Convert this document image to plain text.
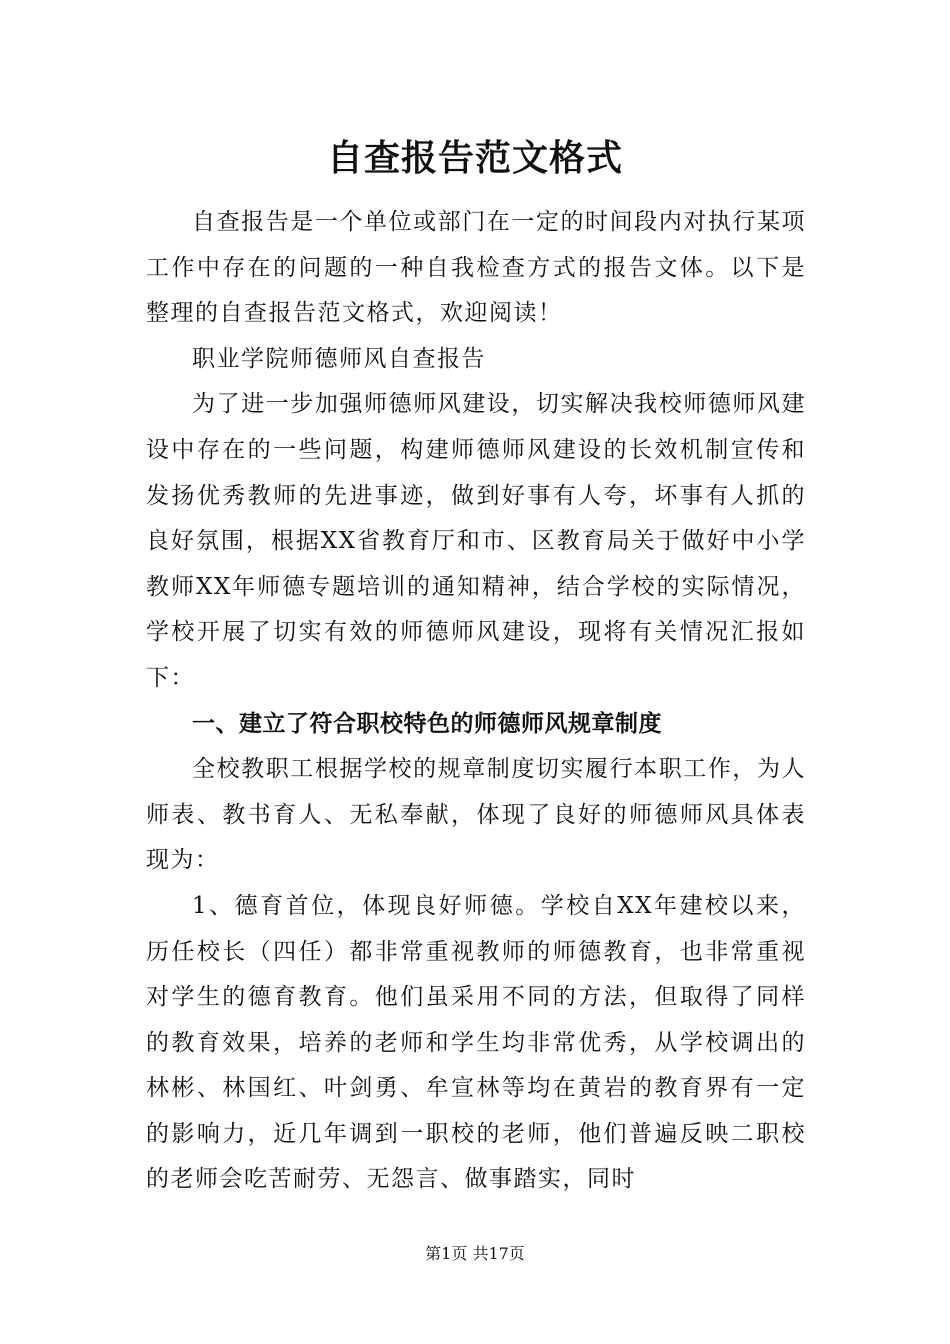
自查报告范文格式

自查报告是一个单位或部门在一定的时间段内对执行某项工作中存在的问题的一种自我检查方式的报告文体。以下是整理的自查报告范文格式，欢迎阅读！

职业学院师德师风自查报告

为了进一步加强师德师风建设，切实解决我校师德师风建设中存在的一些问题，构建师德师风建设的长效机制宣传和发扬优秀教师的先进事迹，做到好事有人夸，坏事有人抓的良好氛围，根据XX省教育厅和市、区教育局关于做好中小学教师XX年师德专题培训的通知精神，结合学校的实际情况，学校开展了切实有效的师德师风建设，现将有关情况汇报如下：

一、建立了符合职校特色的师德师风规章制度

全校教职工根据学校的规章制度切实履行本职工作，为人师表、教书育人、无私奉献，体现了良好的师德师风具体表现为：

1、德育首位，体现良好师德。学校自XX年建校以来，历任校长（四任）都非常重视教师的师德教育，也非常重视对学生的德育教育。他们虽采用不同的方法，但取得了同样的教育效果，培养的老师和学生均非常优秀，从学校调出的林彬、林国红、叶剑勇、牟宣林等均在黄岩的教育界有一定的影响力，近几年调到一职校的老师，他们普遍反映二职校的老师会吃苦耐劳、无怨言、做事踏实，同时

第1页 共17页
